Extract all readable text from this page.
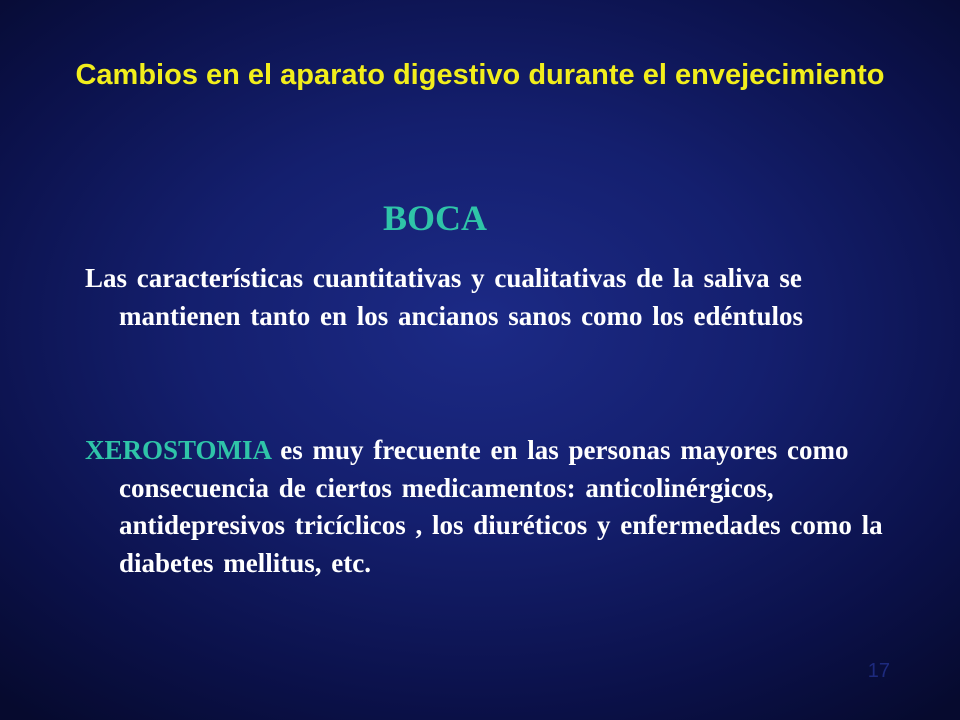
Cambios en el aparato digestivo durante el envejecimiento
BOCA

Las características cuantitativas y cualitativas de la saliva se mantienen tanto en los ancianos sanos como los edéntulos

XEROSTOMIA es muy frecuente en las personas mayores como consecuencia de ciertos medicamentos: anticolinérgicos, antidepresivos tricíclicos , los diuréticos y enfermedades como la diabetes mellitus, etc.

17
